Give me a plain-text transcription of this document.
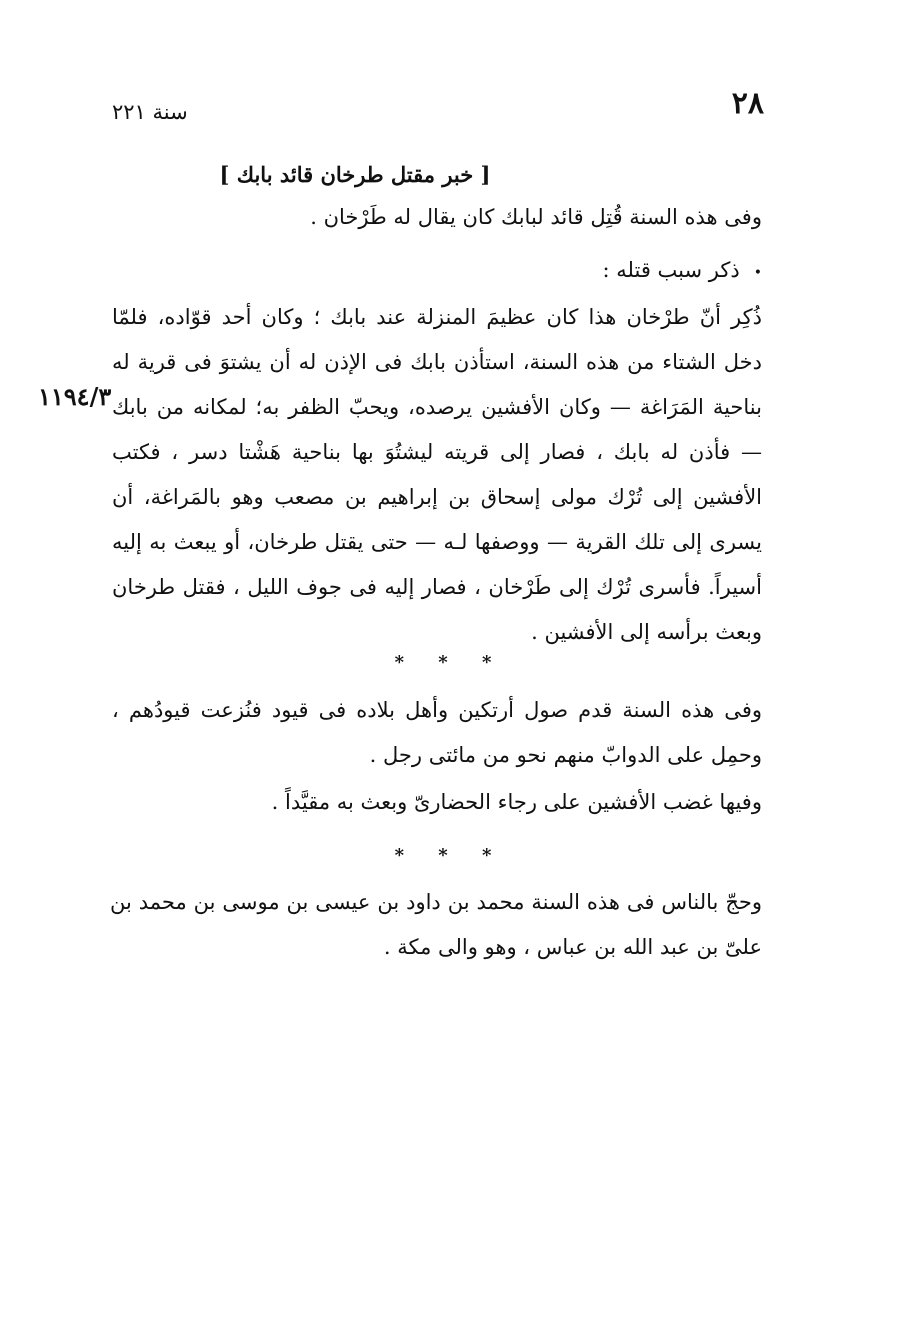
٢٨
سنة ٢٢١
١١٩٤/٣
[ خبر مقتل طرخان قائد بابك ]
وفى هذه السنة قُتِل قائد لبابك كان يقال له طَرْخان .
• ذكر سبب قتله :
ذُكِر أنّ طرْخان هذا كان عظيمَ المنزلة عند بابك ؛ وكان أحد قوّاده، فلمّا دخل الشتاء من هذه السنة، استأذن بابك فى الإذن له أن يشتوَ فى قرية له بناحية المَرَاغة — وكان الأفشين يرصده، ويحبّ الظفر به؛ لمكانه من بابك — فأذن له بابك ، فصار إلى قريته ليشتُوَ بها بناحية هَشْتا دسر ، فكتب الأفشين إلى تُرْك مولى إسحاق بن إبراهيم بن مصعب وهو بالمَراغة، أن يسرى إلى تلك القرية — ووصفها لـه — حتى يقتل طرخان، أو يبعث به إليه أسيراً. فأسرى تُرْك إلى طَرْخان ، فصار إليه فى جوف الليل ، فقتل طرخان وبعث برأسه إلى الأفشين .
* * *
وفى هذه السنة قدم صول أرتكين وأهل بلاده فى قيود فنُزعت قيودُهم ، وحمِل على الدوابّ منهم نحو من مائتى رجل .
وفيها غضب الأفشين على رجاء الحضارىّ وبعث به مقيَّداً .
* * *
وحجّ بالناس فى هذه السنة محمد بن داود بن عيسى بن موسى بن محمد بن علىّ بن عبد الله بن عباس ، وهو والى مكة .
